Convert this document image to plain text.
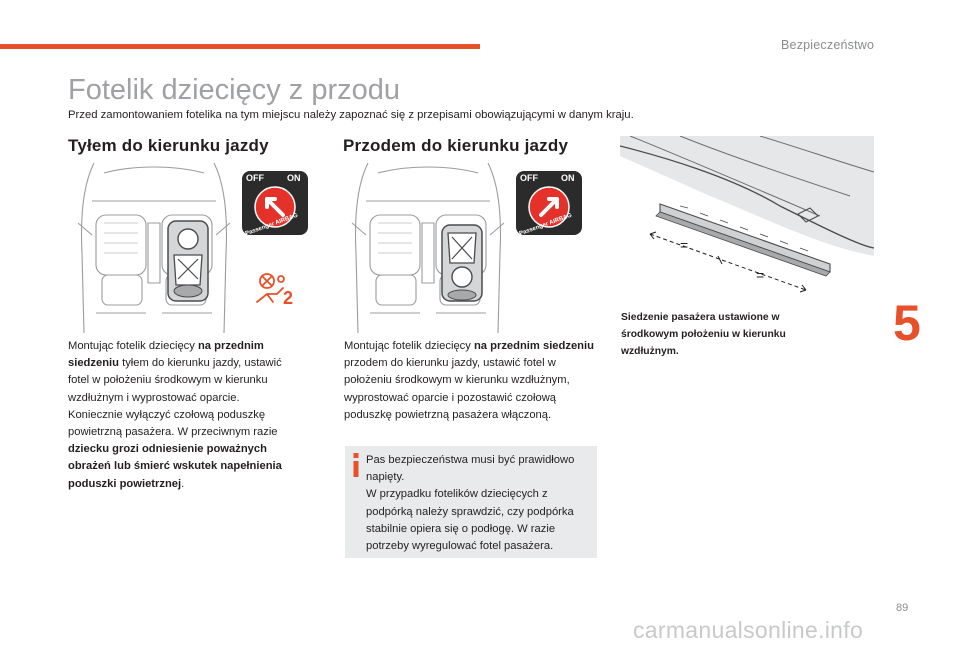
Bezpieczeństwo
Fotelik dziecięcy z przodu
Przed zamontowaniem fotelika na tym miejscu należy zapoznać się z przepisami obowiązującymi w danym kraju.
Tyłem do kierunku jazdy	Przodem do kierunku jazdy
5
OFF	ON
Passenger AIRBAG
2
OFF	ON
Passenger AIRBAG
=
=
Montując fotelik dziecięcy na przednim siedzeniu tyłem do kierunku jazdy, ustawić fotel w położeniu środkowym w kierunku wzdłużnym i wyprostować oparcie. Koniecznie wyłączyć czołową poduszkę powietrzną pasażera. W przeciwnym razie dziecku grozi odniesienie poważnych obrażeń lub śmierć wskutek napełnienia poduszki powietrznej.
Montując fotelik dziecięcy na przednim siedzeniu przodem do kierunku jazdy, ustawić fotel w położeniu środkowym w kierunku wzdłużnym, wyprostować oparcie i pozostawić czołową poduszkę powietrzną pasażera włączoną.
Pas bezpieczeństwa musi być prawidłowo napięty.
W przypadku fotelików dziecięcych z podpórką należy sprawdzić, czy podpórka stabilnie opiera się o podłogę. W razie potrzeby wyregulować fotel pasażera.
Siedzenie pasażera ustawione w środkowym położeniu w kierunku wzdłużnym.
89
carmanualsonline.info
